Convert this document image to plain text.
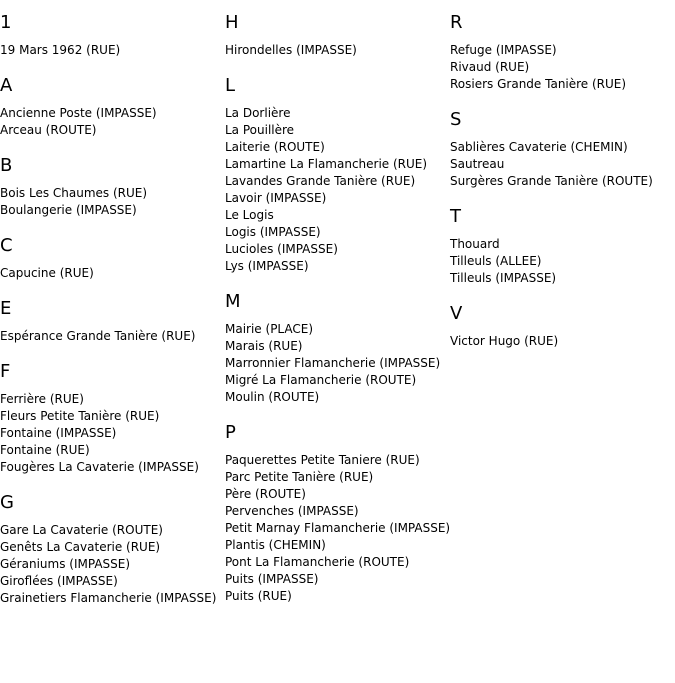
1
19 Mars 1962 (RUE)
A
Ancienne Poste (IMPASSE)
Arceau (ROUTE)
B
Bois Les Chaumes (RUE)
Boulangerie (IMPASSE)
C
Capucine (RUE)
E
Espérance Grande Tanière (RUE)
F
Ferrière (RUE)
Fleurs Petite Tanière (RUE)
Fontaine (IMPASSE)
Fontaine (RUE)
Fougères La Cavaterie (IMPASSE)
G
Gare La Cavaterie (ROUTE)
Genêts La Cavaterie (RUE)
Géraniums (IMPASSE)
Giroflées (IMPASSE)
Grainetiers Flamancherie (IMPASSE)
H
Hirondelles (IMPASSE)
L
La Dorlière
La Pouillère
Laiterie (ROUTE)
Lamartine La Flamancherie (RUE)
Lavandes Grande Tanière (RUE)
Lavoir (IMPASSE)
Le Logis
Logis (IMPASSE)
Lucioles (IMPASSE)
Lys (IMPASSE)
M
Mairie (PLACE)
Marais (RUE)
Marronnier Flamancherie (IMPASSE)
Migré La Flamancherie (ROUTE)
Moulin (ROUTE)
P
Paquerettes Petite Taniere (RUE)
Parc Petite Tanière (RUE)
Père (ROUTE)
Pervenches (IMPASSE)
Petit Marnay Flamancherie (IMPASSE)
Plantis (CHEMIN)
Pont La Flamancherie (ROUTE)
Puits (IMPASSE)
Puits (RUE)
R
Refuge (IMPASSE)
Rivaud (RUE)
Rosiers Grande Tanière (RUE)
S
Sablières Cavaterie (CHEMIN)
Sautreau
Surgères Grande Tanière (ROUTE)
T
Thouard
Tilleuls (ALLEE)
Tilleuls (IMPASSE)
V
Victor Hugo (RUE)
